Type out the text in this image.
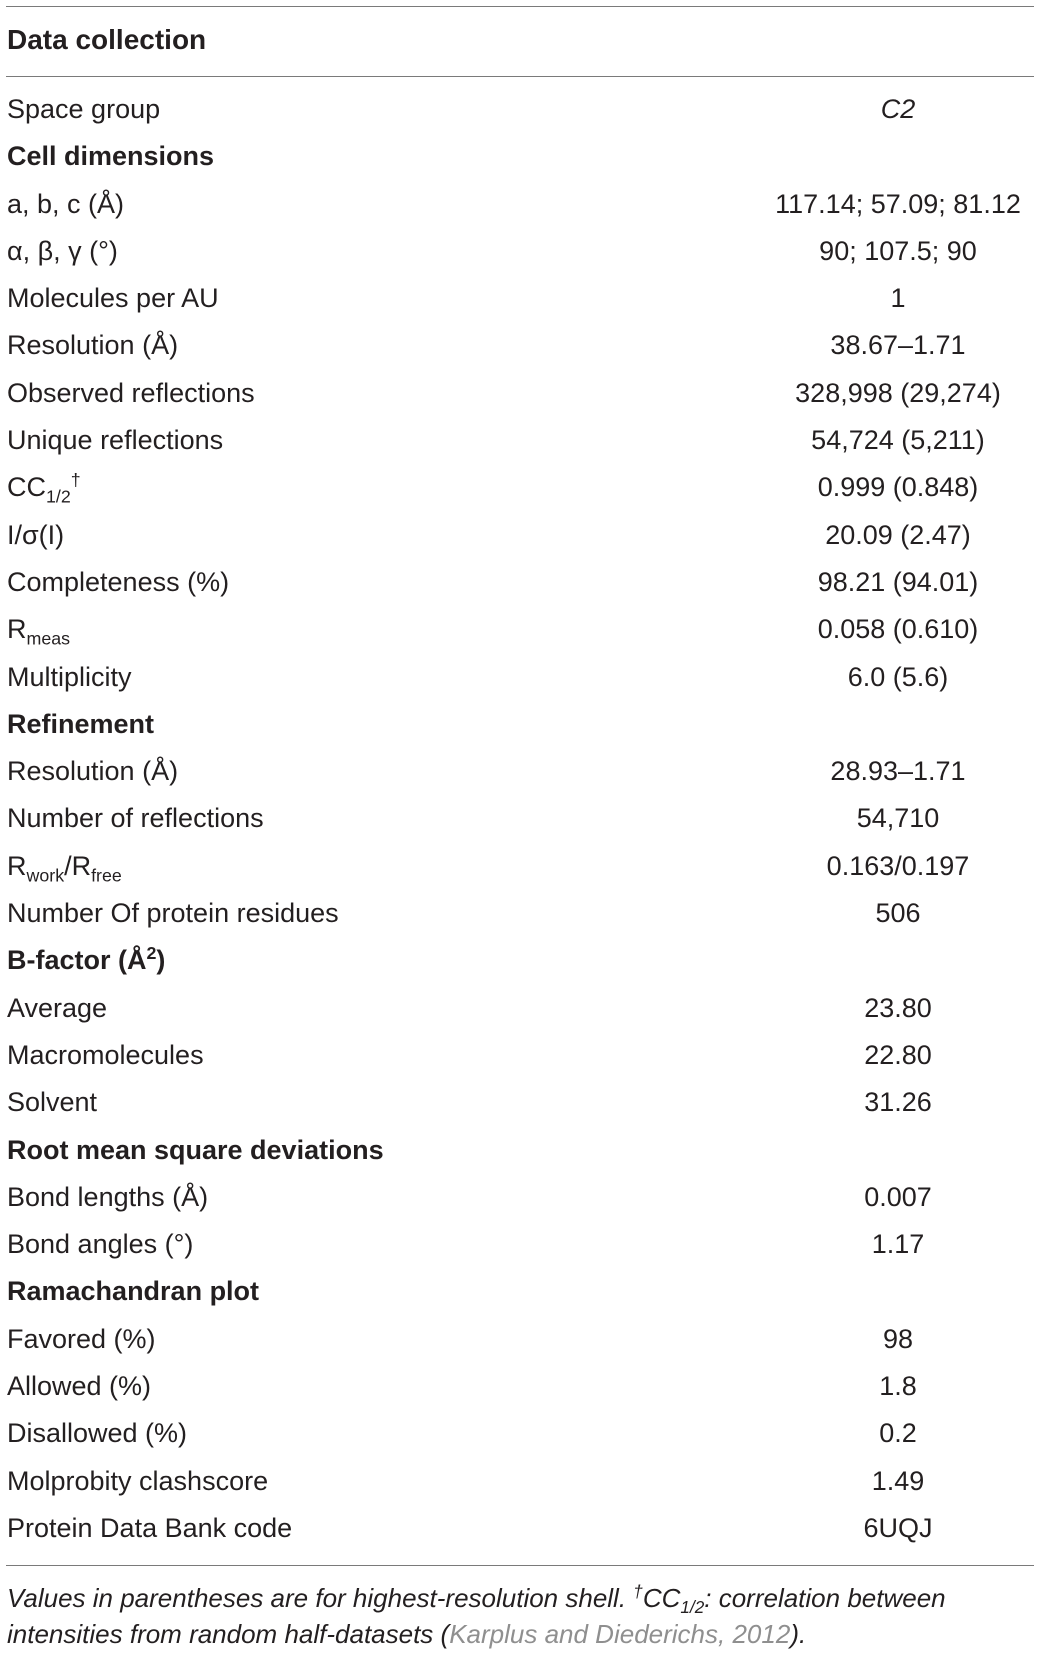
Data collection
Space group	C2
Cell dimensions
a, b, c (Å)	117.14; 57.09; 81.12
α, β, γ (°)	90; 107.5; 90
Molecules per AU	1
Resolution (Å)	38.67–1.71
Observed reflections	328,998 (29,274)
Unique reflections	54,724 (5,211)
$CC_{1/2}^\dagger$	0.999 (0.848)
I/σ(I)	20.09 (2.47)
Completeness (%)	98.21 (94.01)
$R_{meas}$	0.058 (0.610)
Multiplicity	6.0 (5.6)
Refinement
Resolution (Å)	28.93–1.71
Number of reflections	54,710
$R_{work}/R_{free}$	0.163/0.197
Number Of protein residues	506
B-factor $(Å^2)$
Average	23.80
Macromolecules	22.80
Solvent	31.26
Root mean square deviations
Bond lengths (Å)	0.007
Bond angles (°)	1.17
Ramachandran plot
Favored (%)	98
Allowed (%)	1.8
Disallowed (%)	0.2
Molprobity clashscore	1.49
Protein Data Bank code	6UQJ
Values in parentheses are for highest-resolution shell. $^\dagger CC_{1/2}$: correlation between intensities from random half-datasets (Karplus and Diederichs, 2012).
